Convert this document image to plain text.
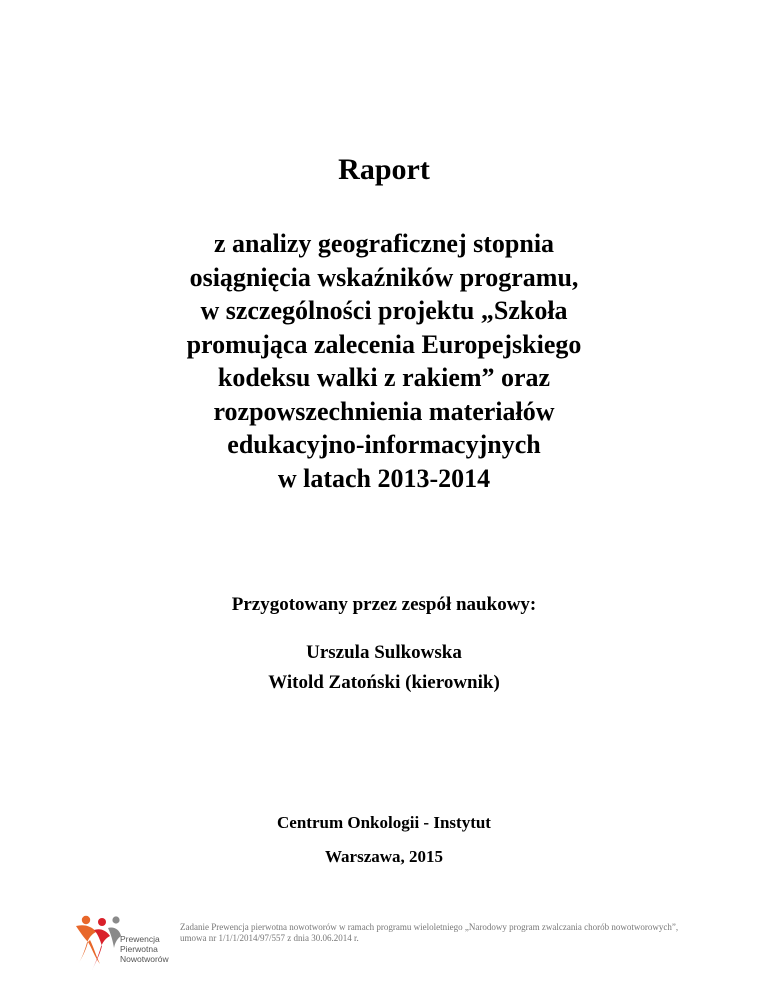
Raport
z analizy geograficznej stopnia
osiągnięcia wskaźników programu,
w szczególności projektu „Szkoła
promująca zalecenia Europejskiego
kodeksu walki z rakiem” oraz
rozpowszechnienia materiałów
edukacyjno-informacyjnych
w latach 2013-2014
Przygotowany przez zespół naukowy:
Urszula Sulkowska
Witold Zatoński (kierownik)
Centrum Onkologii - Instytut
Warszawa, 2015
Prewencja
Pierwotna
Nowotworów
Zadanie Prewencja pierwotna nowotworów w ramach programu wieloletniego „Narodowy program zwalczania chorób nowotworowych”, umowa nr 1/1/1/2014/97/557 z dnia 30.06.2014 r.
